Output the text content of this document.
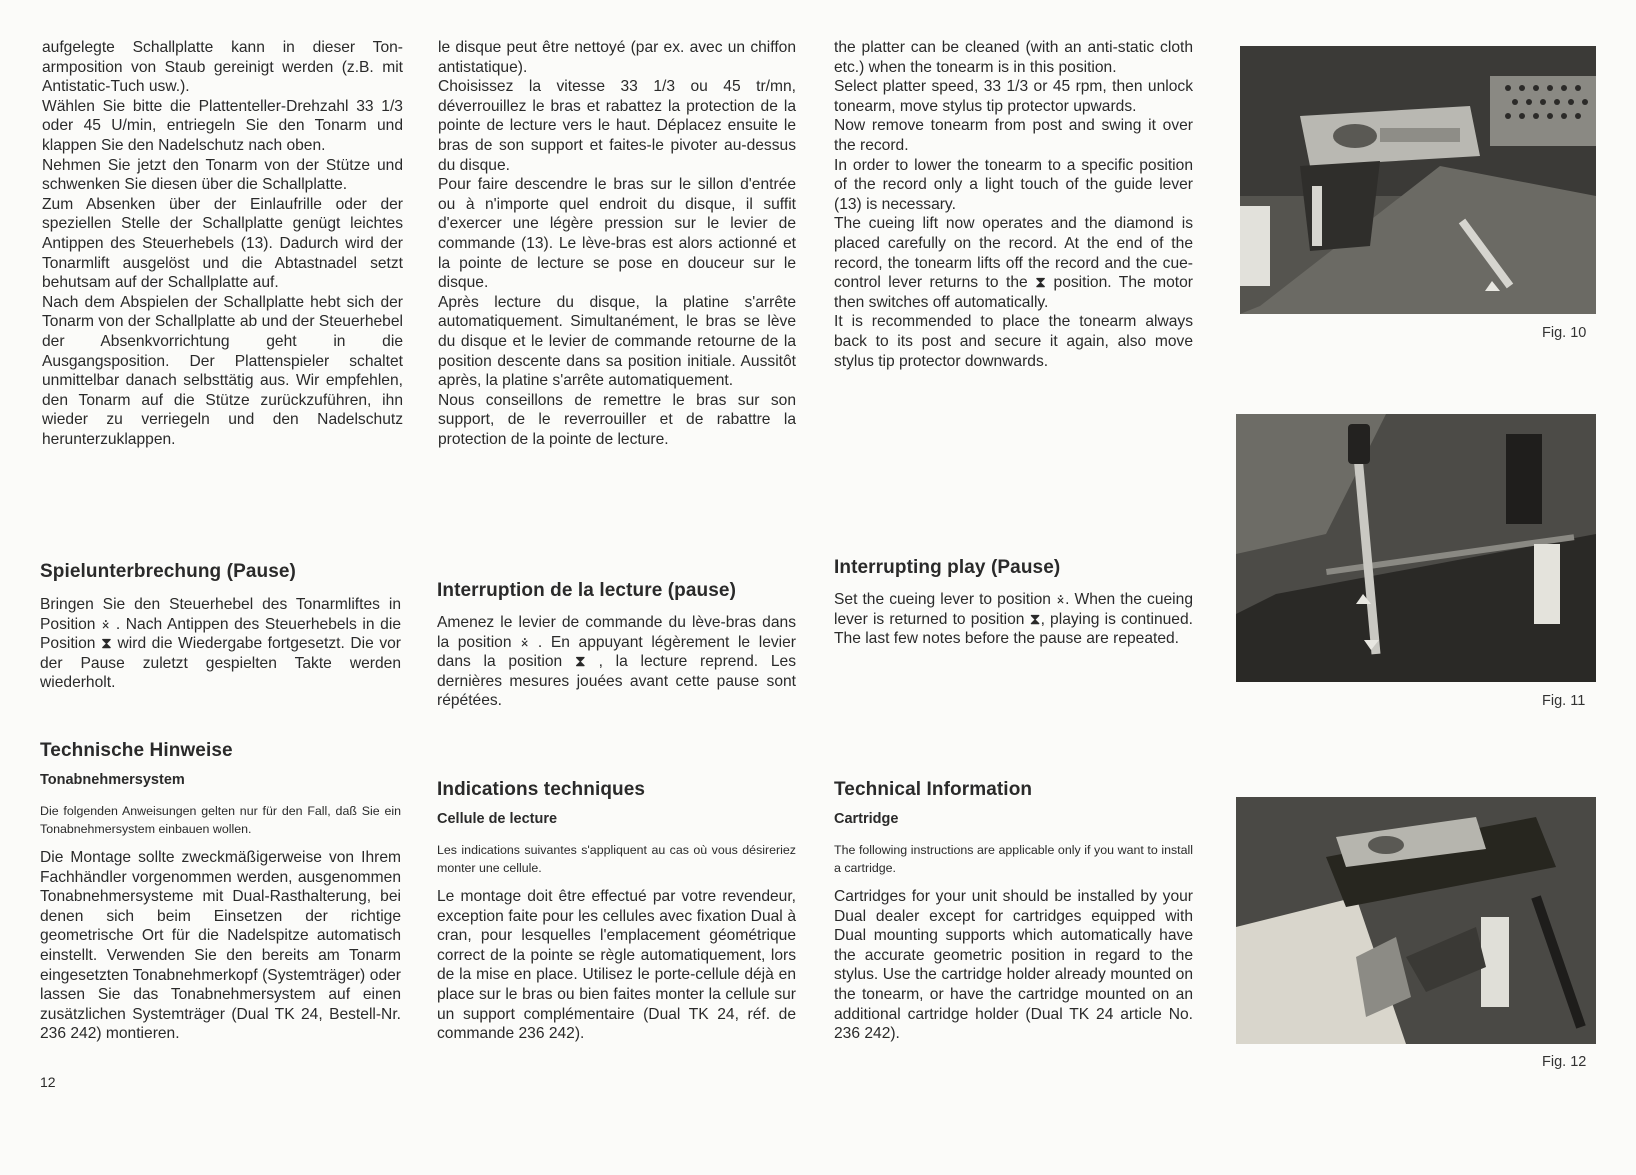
aufgelegte Schallplatte kann in dieser Tonarmposition von Staub gereinigt werden (z.B. mit Antistatic-Tuch usw.).

Wählen Sie bitte die Plattenteller-Drehzahl 33 1/3 oder 45 U/min, entriegeln Sie den Tonarm und klappen Sie den Nadelschutz nach oben.

Nehmen Sie jetzt den Tonarm von der Stütze und schwenken Sie diesen über die Schallplatte.

Zum Absenken über der Einlaufrille oder der speziellen Stelle der Schallplatte genügt leichtes Antippen des Steuerhebels (13). Dadurch wird der Tonarmlift ausgelöst und die Abtastnadel setzt behutsam auf der Schallplatte auf.

Nach dem Abspielen der Schallplatte hebt sich der Tonarm von der Schallplatte ab und der Steuerhebel der Absenkvorrichtung geht in die Ausgangsposition. Der Plattenspieler schaltet unmittelbar danach selbsttätig aus. Wir empfehlen, den Tonarm auf die Stütze zurückzuführen, ihn wieder zu verriegeln und den Nadelschutz herunterzuklappen.

Spielunterbrechung (Pause)

Bringen Sie den Steuerhebel des Tonarmliftes in Position ⨰ . Nach Antippen des Steuerhebels in die Position ⧗ wird die Wiedergabe fortgesetzt. Die vor der Pause zuletzt gespielten Takte werden wiederholt.

Technische Hinweise
Tonabnehmersystem

Die folgenden Anweisungen gelten nur für den Fall, daß Sie ein Tonabnehmersystem einbauen wollen.

Die Montage sollte zweckmäßigerweise von Ihrem Fachhändler vorgenommen werden, ausgenommen Tonabnehmersysteme mit Dual-Rasthalterung, bei denen sich beim Einsetzen der richtige geometrische Ort für die Nadelspitze automatisch einstellt. Verwenden Sie den bereits am Tonarm eingesetzten Tonabnehmerkopf (Systemträger) oder lassen Sie das Tonabnehmersystem auf einen zusätzlichen Systemträger (Dual TK 24, Bestell-Nr. 236 242) montieren.

12

le disque peut être nettoyé (par ex. avec un chiffon antistatique).

Choisissez la vitesse 33 1/3 ou 45 tr/mn, déverrouillez le bras et rabattez la protection de la pointe de lecture vers le haut. Déplacez ensuite le bras de son support et faites-le pivoter au-dessus du disque.

Pour faire descendre le bras sur le sillon d'entrée ou à n'importe quel endroit du disque, il suffit d'exercer une légère pression sur le levier de commande (13). Le lève-bras est alors actionné et la pointe de lecture se pose en douceur sur le disque.

Après lecture du disque, la platine s'arrête automatiquement. Simultanément, le bras se lève du disque et le levier de commande retourne de la position descente dans sa position initiale. Aussitôt après, la platine s'arrête automatiquement.

Nous conseillons de remettre le bras sur son support, de le reverrouiller et de rabattre la protection de la pointe de lecture.

Interruption de la lecture (pause)

Amenez le levier de commande du lève-bras dans la position ⨰ . En appuyant légèrement le levier dans la position ⧗ , la lecture reprend. Les dernières mesures jouées avant cette pause sont répétées.

Indications techniques
Cellule de lecture

Les indications suivantes s'appliquent au cas où vous désireriez monter une cellule.

Le montage doit être effectué par votre revendeur, exception faite pour les cellules avec fixation Dual à cran, pour lesquelles l'emplacement géométrique correct de la pointe se règle automatiquement, lors de la mise en place. Utilisez le porte-cellule déjà en place sur le bras ou bien faites monter la cellule sur un support complémentaire (Dual TK 24, réf. de commande 236 242).

the platter can be cleaned (with an anti-static cloth etc.) when the tonearm is in this position.

Select platter speed, 33 1/3 or 45 rpm, then unlock tonearm, move stylus tip protector upwards.

Now remove tonearm from post and swing it over the record.

In order to lower the tonearm to a specific position of the record only a light touch of the guide lever (13) is necessary.

The cueing lift now operates and the diamond is placed carefully on the record. At the end of the record, the tonearm lifts off the record and the cue-control lever returns to the ⧗ position. The motor then switches off automatically.

It is recommended to place the tonearm always back to its post and secure it again, also move stylus tip protector downwards.

Interrupting play (Pause)

Set the cueing lever to position ⨰. When the cueing lever is returned to position ⧗, playing is continued. The last few notes before the pause are repeated.

Technical Information
Cartridge

The following instructions are applicable only if you want to install a cartridge.

Cartridges for your unit should be installed by your Dual dealer except for cartridges equipped with Dual mounting supports which automatically have the accurate geometric position in regard to the stylus. Use the cartridge holder already mounted on the tonearm, or have the cartridge mounted on an additional cartridge holder (Dual TK 24 article No. 236 242).

Fig. 10
Fig. 11
Fig. 12
